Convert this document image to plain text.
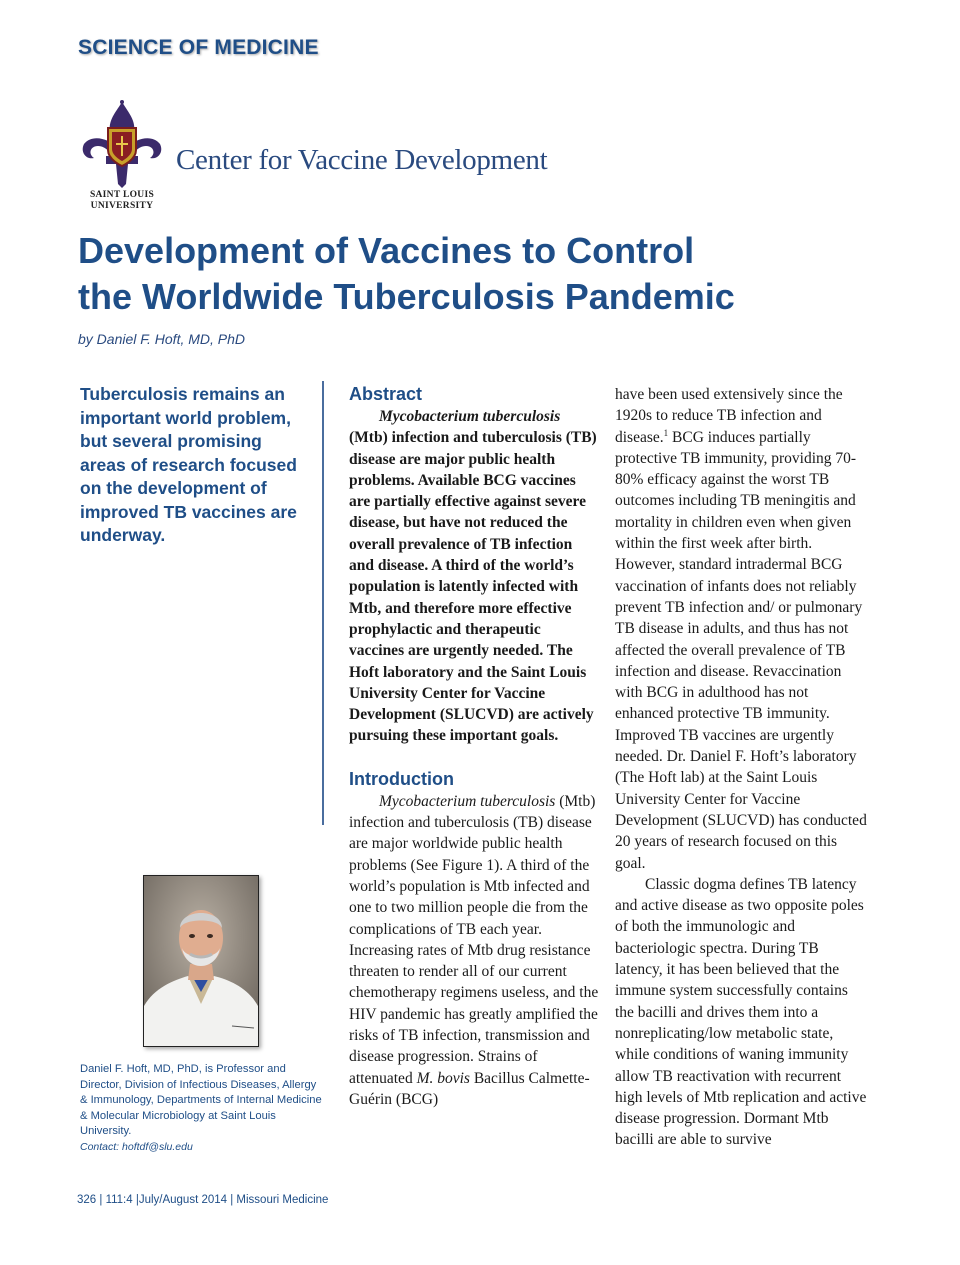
SCIENCE OF MEDICINE
SAINT LOUIS
UNIVERSITY
Center for Vaccine Development
Development of Vaccines to Control
the Worldwide Tuberculosis Pandemic
by Daniel F. Hoft, MD, PhD
Tuberculosis remains an important world problem, but several promising areas of research focused on the development of improved TB vaccines are underway.
Daniel F. Hoft, MD, PhD, is Professor and Director, Division of Infectious Diseases, Allergy & Immunology, Departments of Internal Medicine & Molecular Microbiology at Saint Louis University.
Contact: hoftdf@slu.edu
Abstract

Mycobacterium tuberculosis (Mtb) infection and tuberculosis (TB) disease are major public health problems. Available BCG vaccines are partially effective against severe disease, but have not reduced the overall prevalence of TB infection and disease. A third of the world’s population is latently infected with Mtb, and therefore more effective prophylactic and therapeutic vaccines are urgently needed. The Hoft laboratory and the Saint Louis University Center for Vaccine Development (SLUCVD) are actively pursuing these important goals.

Introduction

Mycobacterium tuberculosis (Mtb) infection and tuberculosis (TB) disease are major worldwide public health problems (See Figure 1). A third of the world’s population is Mtb infected and one to two million people die from the complications of TB each year. Increasing rates of Mtb drug resistance threaten to render all of our current chemotherapy regimens useless, and the HIV pandemic has greatly amplified the risks of TB infection, transmission and disease progression. Strains of attenuated M. bovis Bacillus Calmette-Guérin (BCG)

have been used extensively since the 1920s to reduce TB infection and disease.$^1$ BCG induces partially protective TB immunity, providing 70-80% efficacy against the worst TB outcomes including TB meningitis and mortality in children even when given within the first week after birth. However, standard intradermal BCG vaccination of infants does not reliably prevent TB infection and/ or pulmonary TB disease in adults, and thus has not affected the overall prevalence of TB infection and disease. Revaccination with BCG in adulthood has not enhanced protective TB immunity. Improved TB vaccines are urgently needed. Dr. Daniel F. Hoft’s laboratory (The Hoft lab) at the Saint Louis University Center for Vaccine Development (SLUCVD) has conducted 20 years of research focused on this goal.

Classic dogma defines TB latency and active disease as two opposite poles of both the immunologic and bacteriologic spectra. During TB latency, it has been believed that the immune system successfully contains the bacilli and drives them into a nonreplicating/low metabolic state, while conditions of waning immunity allow TB reactivation with recurrent high levels of Mtb replication and active disease progression. Dormant Mtb bacilli are able to survive

326 | 111:4 |July/August 2014 | Missouri Medicine
